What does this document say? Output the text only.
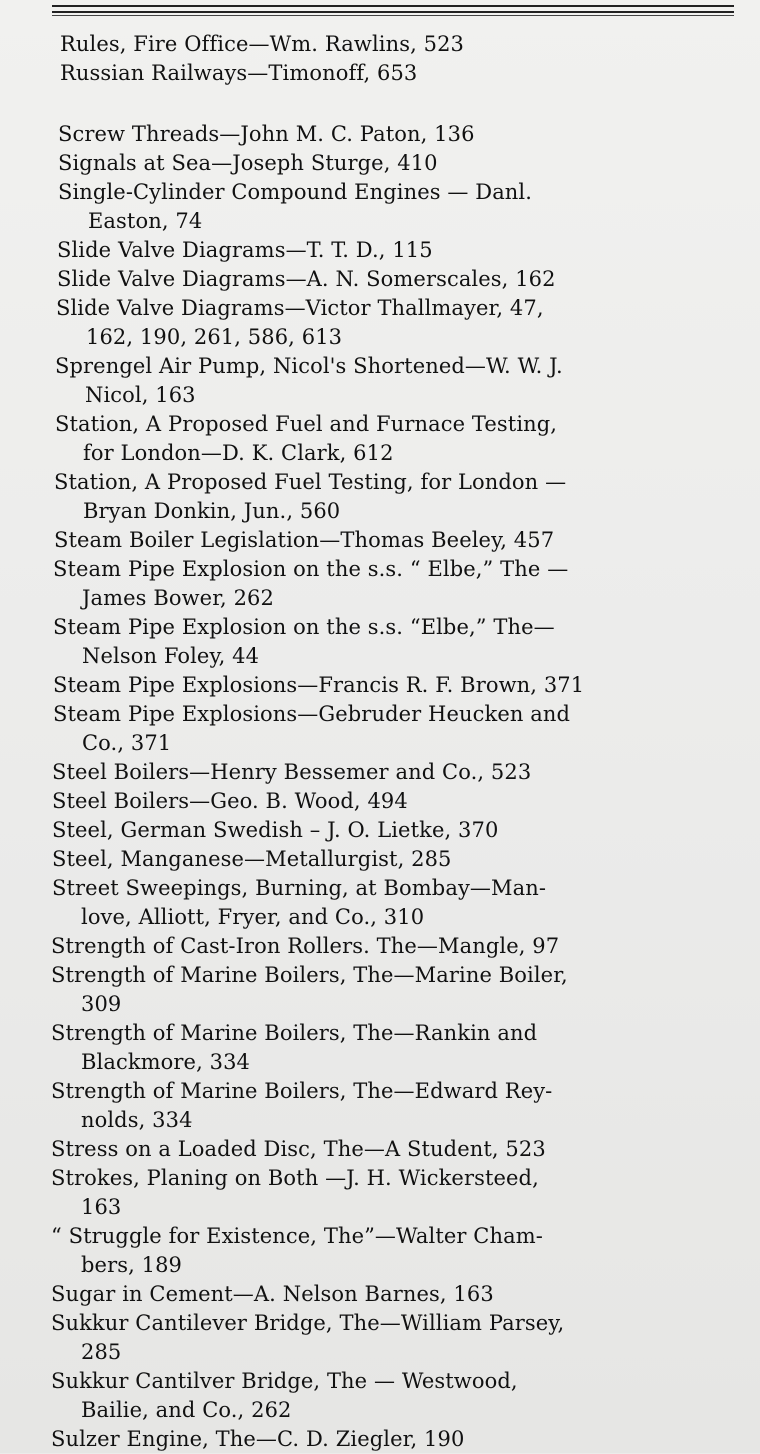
Rules, Fire Office—Wm. Rawlins, 523
Russian Railways—Timonoff, 653
Screw Threads—John M. C. Paton, 136
Signals at Sea—Joseph Sturge, 410
Single-Cylinder Compound Engines — Danl.
Easton, 74
Slide Valve Diagrams—T. T. D., 115
Slide Valve Diagrams—A. N. Somerscales, 162
Slide Valve Diagrams—Victor Thallmayer, 47,
162, 190, 261, 586, 613
Sprengel Air Pump, Nicol's Shortened—W. W. J.
Nicol, 163
Station, A Proposed Fuel and Furnace Testing,
for London—D. K. Clark, 612
Station, A Proposed Fuel Testing, for London —
Bryan Donkin, Jun., 560
Steam Boiler Legislation—Thomas Beeley, 457
Steam Pipe Explosion on the s.s. “ Elbe,” The —
James Bower, 262
Steam Pipe Explosion on the s.s. “Elbe,” The—
Nelson Foley, 44
Steam Pipe Explosions—Francis R. F. Brown, 371
Steam Pipe Explosions—Gebruder Heucken and
Co., 371
Steel Boilers—Henry Bessemer and Co., 523
Steel Boilers—Geo. B. Wood, 494
Steel, German Swedish – J. O. Lietke, 370
Steel, Manganese—Metallurgist, 285
Street Sweepings, Burning, at Bombay—Man-
love, Alliott, Fryer, and Co., 310
Strength of Cast-Iron Rollers. The—Mangle, 97
Strength of Marine Boilers, The—Marine Boiler,
309
Strength of Marine Boilers, The—Rankin and
Blackmore, 334
Strength of Marine Boilers, The—Edward Rey-
nolds, 334
Stress on a Loaded Disc, The—A Student, 523
Strokes, Planing on Both —J. H. Wickersteed,
163
“ Struggle for Existence, The”—Walter Cham-
bers, 189
Sugar in Cement—A. Nelson Barnes, 163
Sukkur Cantilever Bridge, The—William Parsey,
285
Sukkur Cantilver Bridge, The — Westwood,
Bailie, and Co., 262
Sulzer Engine, The—C. D. Ziegler, 190
